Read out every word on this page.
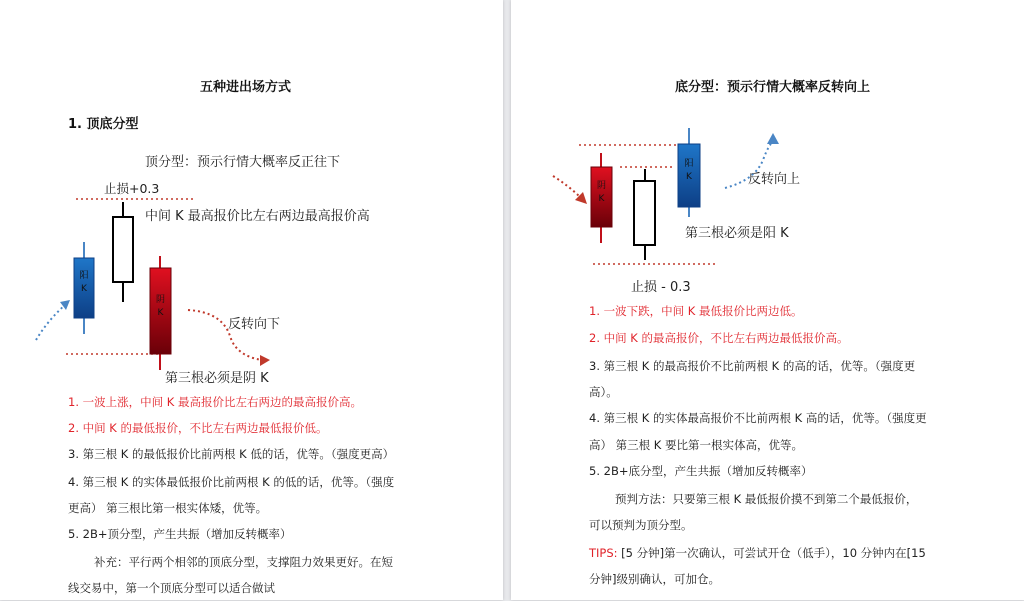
五种进出场方式
1. 顶底分型
顶分型：预示行情大概率反正往下
止损+0.3
中间 K 最高报价比左右两边最高报价高
反转向下
第三根必须是阴 K
阳
K
阴
K
1. 一波上涨，中间 K 最高报价比左右两边的最高报价高。
2. 中间 K 的最低报价，不比左右两边最低报价低。
3. 第三根 K 的最低报价比前两根 K 低的话，优等。（强度更高）
4. 第三根 K 的实体最低报价比前两根 K 的低的话，优等。（强度
更高） 第三根比第一根实体矮，优等。
5. 2B+顶分型，产生共振（增加反转概率）
补充：平行两个相邻的顶底分型，支撑阻力效果更好。在短
线交易中，第一个顶底分型可以适合做试
底分型：预示行情大概率反转向上
阴
K
阳
K	反转向上
第三根必须是阳 K
止损 - 0.3
1. 一波下跌，中间 K 最低报价比两边低。
2. 中间 K 的最高报价，不比左右两边最低报价高。
3. 第三根 K 的最高报价不比前两根 K 的高的话，优等。（强度更
高）。
4. 第三根 K 的实体最高报价不比前两根 K 高的话，优等。（强度更
高） 第三根 K 要比第一根实体高，优等。
5. 2B+底分型，产生共振（增加反转概率）
预判方法：只要第三根 K 最低报价摸不到第二个最低报价，
可以预判为顶分型。
TIPS: [5 分钟]第一次确认，可尝试开仓（低手），10 分钟内在[15
分钟]级别确认，可加仓。
